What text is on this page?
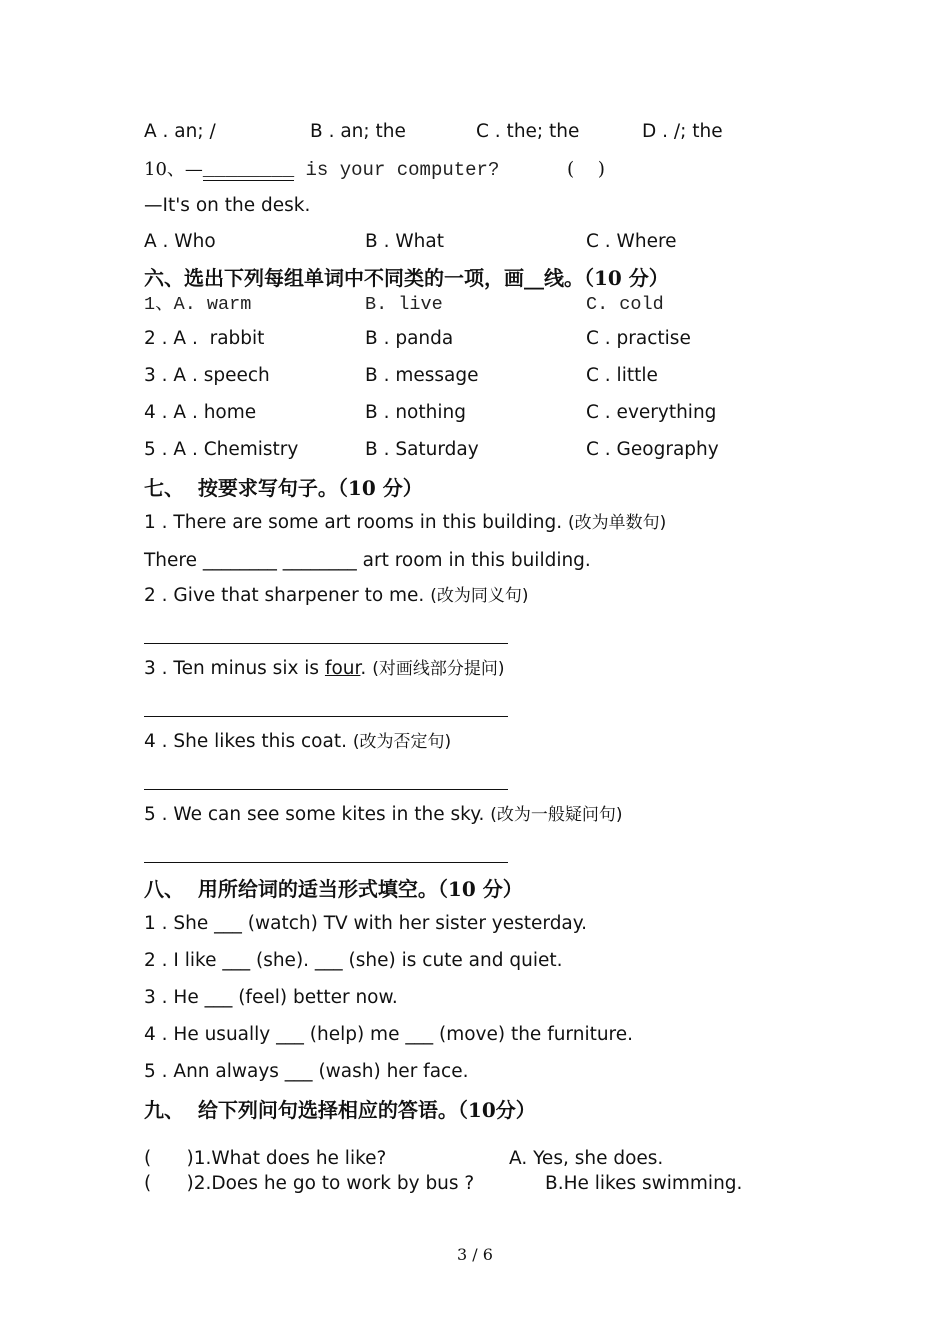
A . an; /	B . an; the	C . the; the	D . /; the
10、—________ is your computer?	(    )
—It's on the desk.
A . Who	B . What	C . Where
六、选出下列每组单词中不同类的一项，画__线。（10 分）
1、A. warm	B. live	C. cold
2 . A .  rabbit	B . panda	C . practise
3 . A . speech	B . message	C . little
4 . A . home	B . nothing	C . everything
5 . A . Chemistry	B . Saturday	C . Geography
七、  按要求写句子。（10 分）
1 . There are some art rooms in this building. (改为单数句)
There ________ ________ art room in this building.
2 . Give that sharpener to me. (改为同义句)
3 . Ten minus six is four. (对画线部分提问)
4 . She likes this coat. (改为否定句)
5 . We can see some kites in the sky. (改为一般疑问句)
八、  用所给词的适当形式填空。（10 分）
1 . She ___ (watch) TV with her sister yesterday.
2 . I like ___ (she). ___ (she) is cute and quiet.
3 . He ___ (feel) better now.
4 . He usually ___ (help) me ___ (move) the furniture.
5 . Ann always ___ (wash) her face.
九、  给下列问句选择相应的答语。（10分）
(      )1.What does he like?	A. Yes, she does.
(      )2.Does he go to work by bus ?	B.He likes swimming.
3 / 6
